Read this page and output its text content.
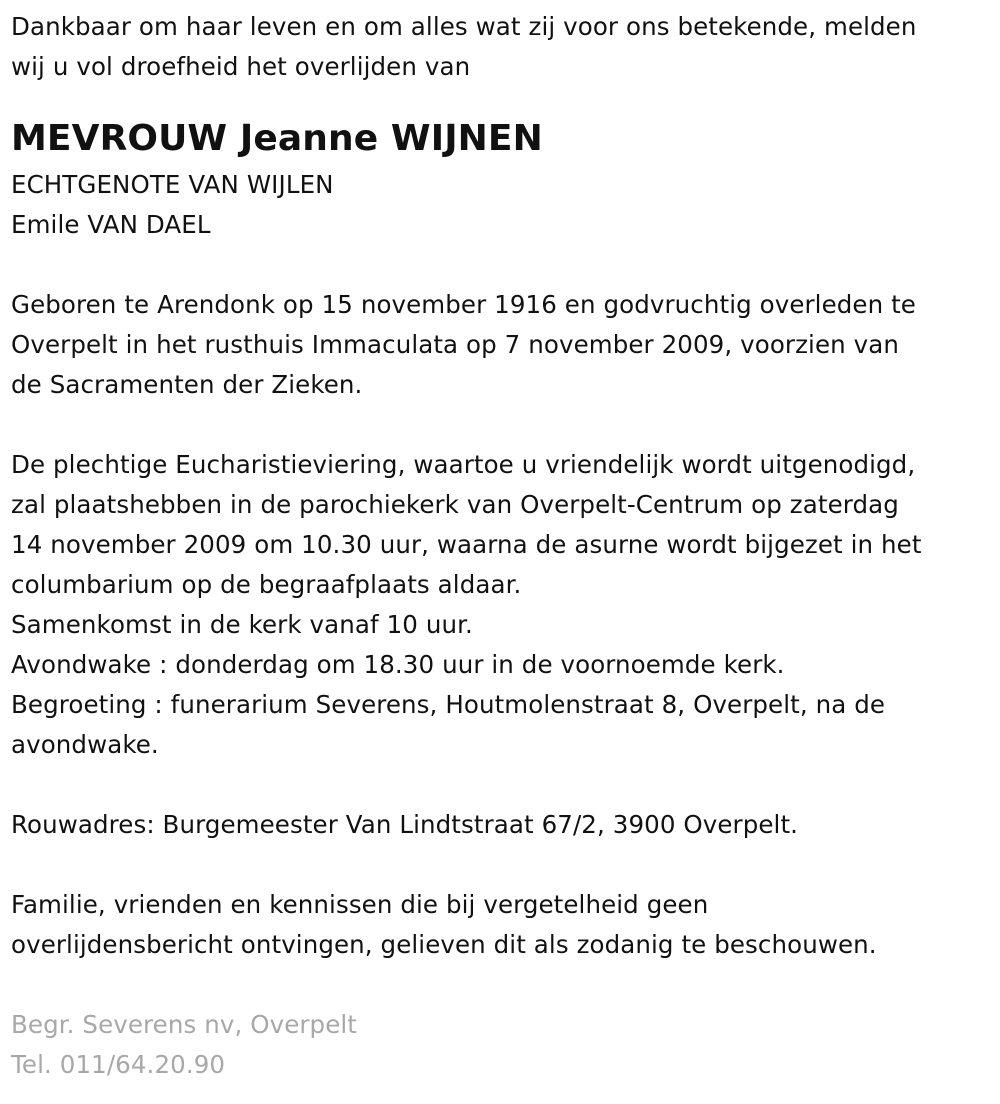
Dankbaar om haar leven en om alles wat zij voor ons betekende, melden
wij u vol droefheid het overlijden van
MEVROUW Jeanne WIJNEN
ECHTGENOTE VAN WIJLEN
Emile VAN DAEL
Geboren te Arendonk op 15 november 1916 en godvruchtig overleden te
Overpelt in het rusthuis Immaculata op 7 november 2009, voorzien van
de Sacramenten der Zieken.
De plechtige Eucharistieviering, waartoe u vriendelijk wordt uitgenodigd,
zal plaatshebben in de parochiekerk van Overpelt-Centrum op zaterdag
14 november 2009 om 10.30 uur, waarna de asurne wordt bijgezet in het
columbarium op de begraafplaats aldaar.
Samenkomst in de kerk vanaf 10 uur.
Avondwake : donderdag om 18.30 uur in de voornoemde kerk.
Begroeting : funerarium Severens, Houtmolenstraat 8, Overpelt, na de
avondwake.
Rouwadres: Burgemeester Van Lindtstraat 67/2, 3900 Overpelt.
Familie, vrienden en kennissen die bij vergetelheid geen
overlijdensbericht ontvingen, gelieven dit als zodanig te beschouwen.
Begr. Severens nv, Overpelt
Tel. 011/64.20.90
